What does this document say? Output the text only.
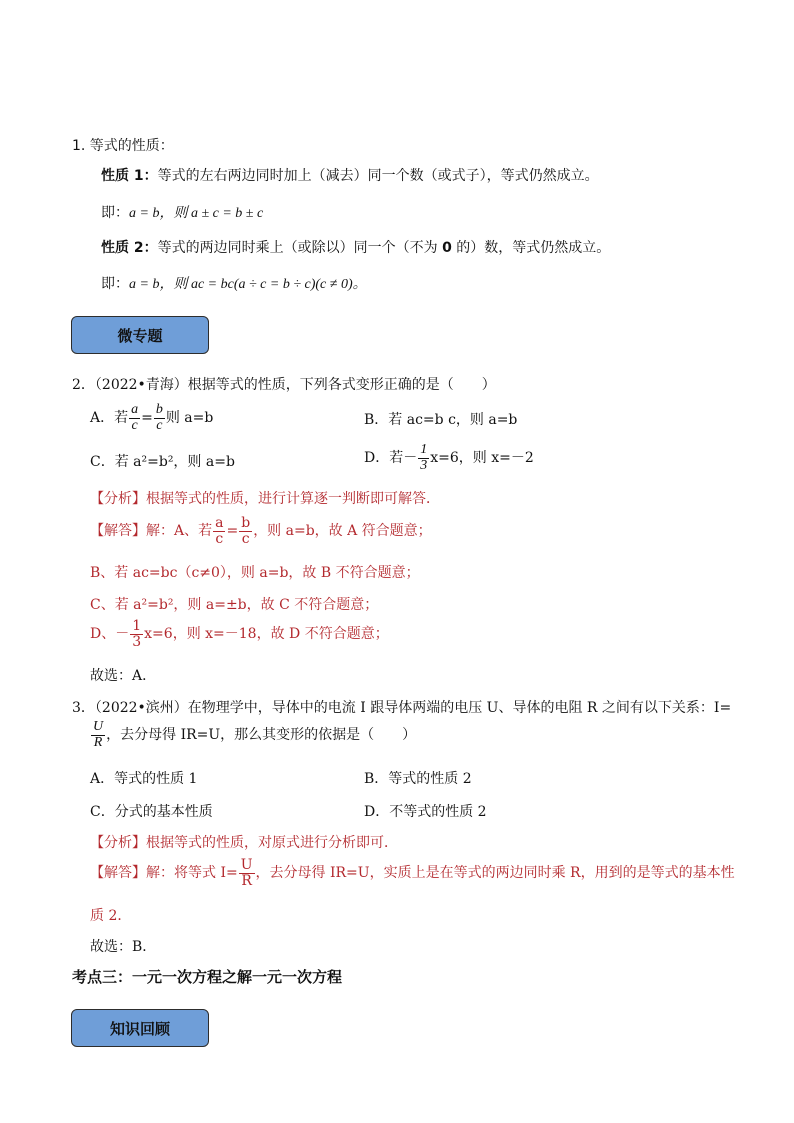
1. 等式的性质：
性质 1：等式的左右两边同时加上（减去）同一个数（或式子），等式仍然成立。
即：a = b，则 a ± c = b ± c
性质 2：等式的两边同时乘上（或除以）同一个（不为 0 的）数，等式仍然成立。
即：a = b，则 ac = bc(a ÷ c = b ÷ c)(c ≠ 0)。
微专题
2．（2022•青海）根据等式的性质，下列各式变形正确的是（　　）
A．若 $\frac{a}{c} = \frac{b}{c}$ 则 a=b	B．若 ac=b c，则 a=b
C．若 a²=b²，则 a=b	D．若－ $\frac{1}{3} x=6$，则 x=－2
【分析】根据等式的性质，进行计算逐一判断即可解答．
【解答】解：A、若 $\frac{a}{c} = \frac{b}{c}$ ，则 a=b，故 A 符合题意；
B、若 ac=bc（c≠0），则 a=b，故 B 不符合题意；
C、若 a²=b²，则 a=±b，故 C 不符合题意；
D、－ $\frac{1}{3} x=6$，则 x=－18，故 D 不符合题意；
故选：A．
3．（2022•滨州）在物理学中，导体中的电流 I 跟导体两端的电压 U、导体的电阻 R 之间有以下关系：I=
$\frac{U}{R}$ ，去分母得 IR=U，那么其变形的依据是（　　）
A．等式的性质 1	B．等式的性质 2
C．分式的基本性质	D．不等式的性质 2
【分析】根据等式的性质，对原式进行分析即可．
【解答】解：将等式 $I= \frac{U}{R}$ ，去分母得 IR=U，实质上是在等式的两边同时乘 R，用到的是等式的基本性
质 2．
故选：B．
考点三：一元一次方程之解一元一次方程
知识回顾
